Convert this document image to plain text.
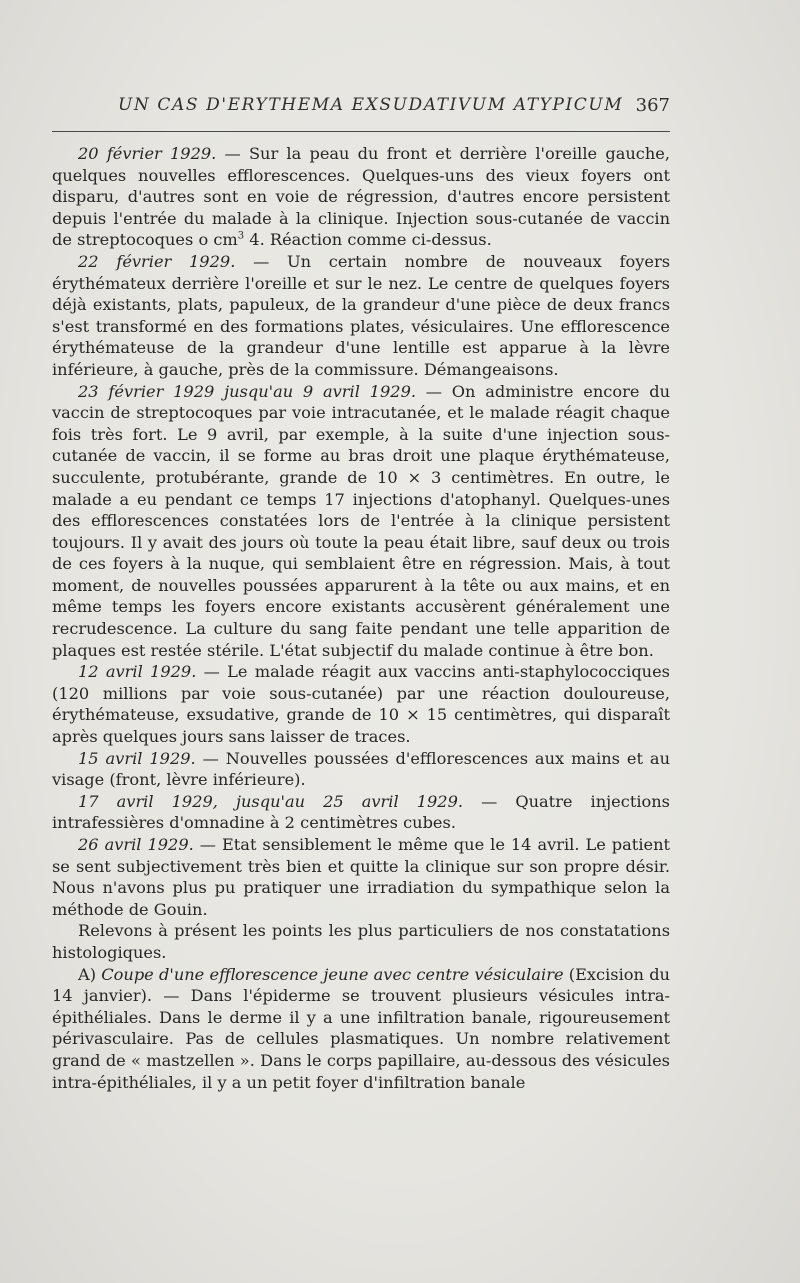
UN CAS D'ERYTHEMA EXSUDATIVUM ATYPICUM 367

20 février 1929. — Sur la peau du front et derrière l'oreille gauche, quelques nouvelles efflorescences. Quelques-uns des vieux foyers ont disparu, d'autres sont en voie de régression, d'autres encore persistent depuis l'entrée du malade à la clinique. Injection sous-cutanée de vaccin de streptocoques o $cm^3$ 4. Réaction comme ci-dessus.

22 février 1929. — Un certain nombre de nouveaux foyers érythémateux derrière l'oreille et sur le nez. Le centre de quelques foyers déjà existants, plats, papuleux, de la grandeur d'une pièce de deux francs s'est transformé en des formations plates, vésiculaires. Une efflorescence érythémateuse de la grandeur d'une lentille est apparue à la lèvre inférieure, à gauche, près de la commissure. Démangeaisons.

23 février 1929 jusqu'au 9 avril 1929. — On administre encore du vaccin de streptocoques par voie intracutanée, et le malade réagit chaque fois très fort. Le 9 avril, par exemple, à la suite d'une injection sous-cutanée de vaccin, il se forme au bras droit une plaque érythémateuse, succulente, protubérante, grande de 10 × 3 centimètres. En outre, le malade a eu pendant ce temps 17 injections d'atophanyl. Quelques-unes des efflorescences constatées lors de l'entrée à la clinique persistent toujours. Il y avait des jours où toute la peau était libre, sauf deux ou trois de ces foyers à la nuque, qui semblaient être en régression. Mais, à tout moment, de nouvelles poussées apparurent à la tête ou aux mains, et en même temps les foyers encore existants accusèrent généralement une recrudescence. La culture du sang faite pendant une telle apparition de plaques est restée stérile. L'état subjectif du malade continue à être bon.

12 avril 1929. — Le malade réagit aux vaccins anti-staphylococciques (120 millions par voie sous-cutanée) par une réaction douloureuse, érythémateuse, exsudative, grande de 10 × 15 centimètres, qui disparaît après quelques jours sans laisser de traces.

15 avril 1929. — Nouvelles poussées d'efflorescences aux mains et au visage (front, lèvre inférieure).

17 avril 1929, jusqu'au 25 avril 1929. — Quatre injections intrafessières d'omnadine à 2 centimètres cubes.

26 avril 1929. — Etat sensiblement le même que le 14 avril. Le patient se sent subjectivement très bien et quitte la clinique sur son propre désir. Nous n'avons plus pu pratiquer une irradiation du sympathique selon la méthode de Gouin.

Relevons à présent les points les plus particuliers de nos constatations histologiques.

A) Coupe d'une efflorescence jeune avec centre vésiculaire (Excision du 14 janvier). — Dans l'épiderme se trouvent plusieurs vésicules intra-épithéliales. Dans le derme il y a une infiltration banale, rigoureusement périvasculaire. Pas de cellules plasmatiques. Un nombre relativement grand de « mastzellen ». Dans le corps papillaire, au-dessous des vésicules intra-épithéliales, il y a un petit foyer d'infiltration banale
